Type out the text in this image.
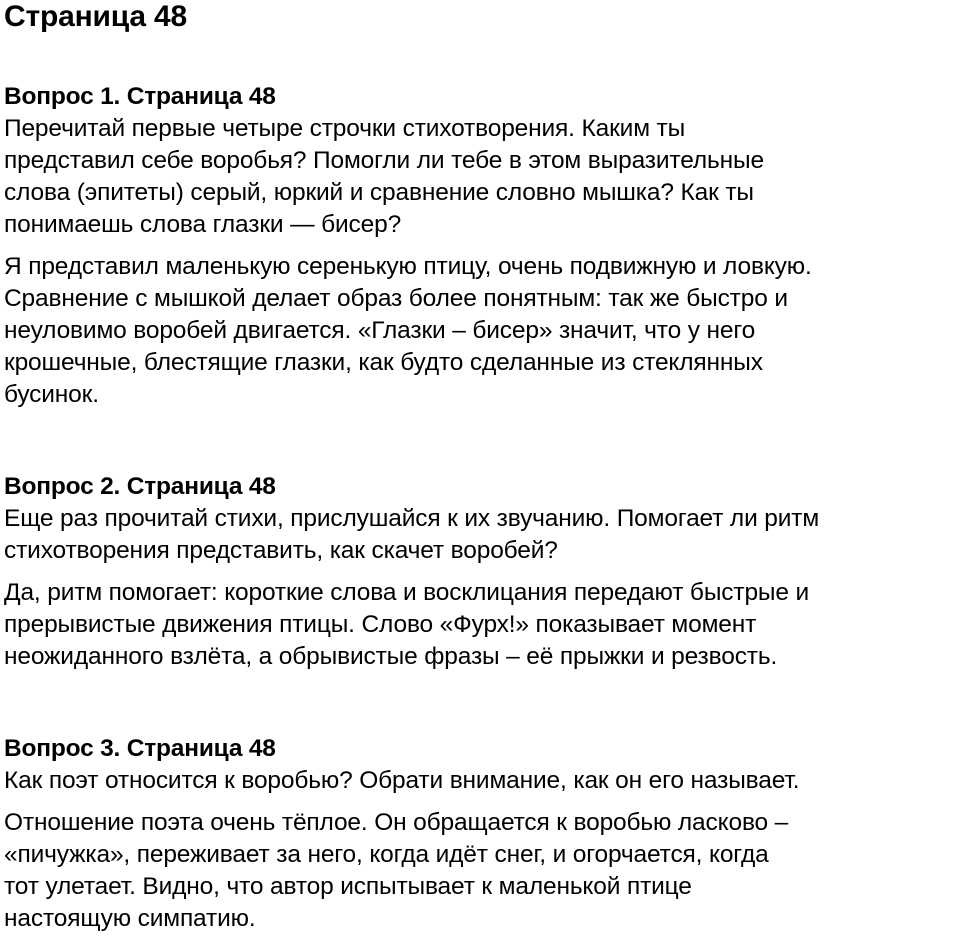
Страница 48
Вопрос 1. Страница 48

Перечитай первые четыре строчки стихотворения. Каким ты
представил себе воробья? Помогли ли тебе в этом выразительные
слова (эпитеты) серый, юркий и сравнение словно мышка? Как ты
понимаешь слова глазки — бисер?

Я представил маленькую серенькую птицу, очень подвижную и ловкую.
Сравнение с мышкой делает образ более понятным: так же быстро и
неуловимо воробей двигается. «Глазки – бисер» значит, что у него
крошечные, блестящие глазки, как будто сделанные из стеклянных
бусинок.

Вопрос 2. Страница 48

Еще раз прочитай стихи, прислушайся к их звучанию. Помогает ли ритм
стихотворения представить, как скачет воробей?

Да, ритм помогает: короткие слова и восклицания передают быстрые и
прерывистые движения птицы. Слово «Фурх!» показывает момент
неожиданного взлёта, а обрывистые фразы – её прыжки и резвость.

Вопрос 3. Страница 48

Как поэт относится к воробью? Обрати внимание, как он его называет.

Отношение поэта очень тёплое. Он обращается к воробью ласково –
«пичужка», переживает за него, когда идёт снег, и огорчается, когда
тот улетает. Видно, что автор испытывает к маленькой птице
настоящую симпатию.
